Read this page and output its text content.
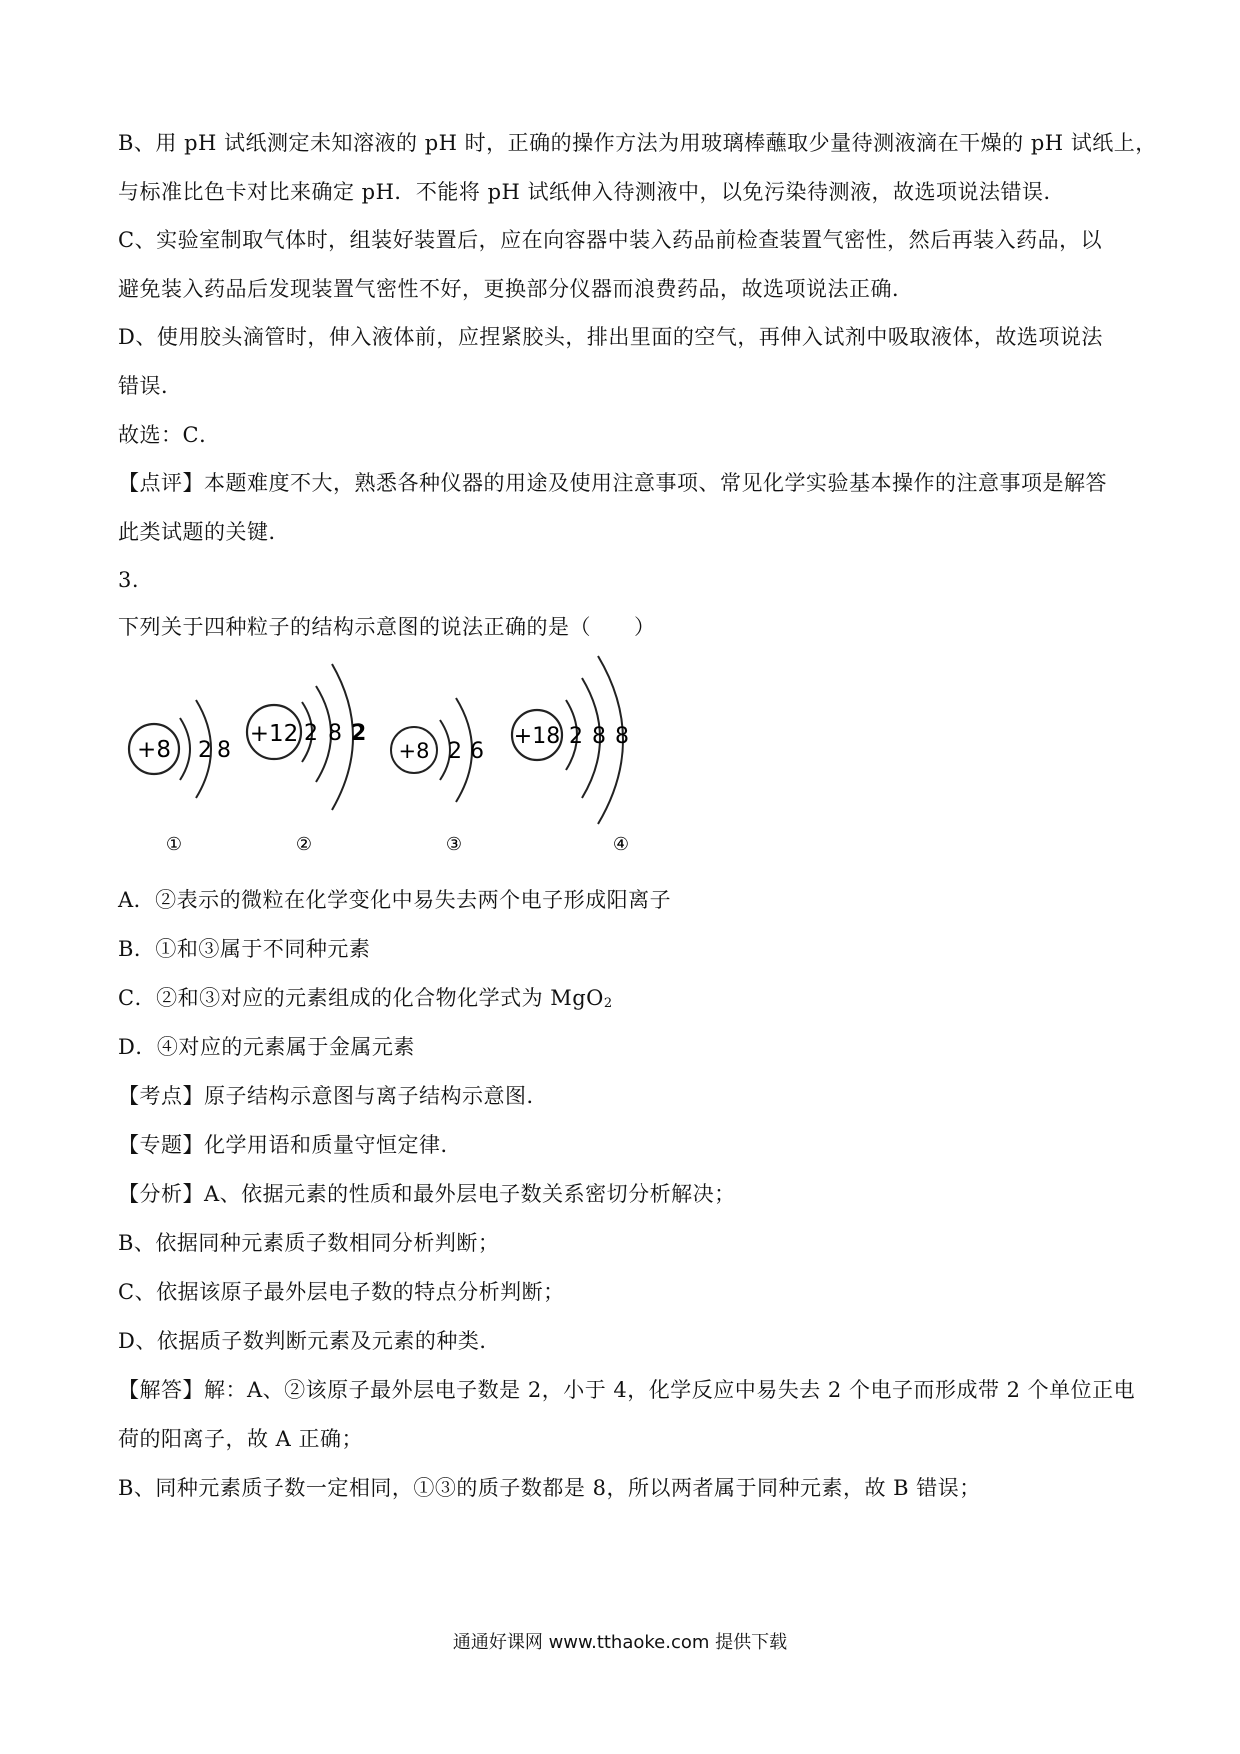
B、用 pH 试纸测定未知溶液的 pH 时，正确的操作方法为用玻璃棒蘸取少量待测液滴在干燥的 pH 试纸上，

与标准比色卡对比来确定 pH．不能将 pH 试纸伸入待测液中，以免污染待测液，故选项说法错误．

C、实验室制取气体时，组装好装置后，应在向容器中装入药品前检查装置气密性，然后再装入药品，以

避免装入药品后发现装置气密性不好，更换部分仪器而浪费药品，故选项说法正确．

D、使用胶头滴管时，伸入液体前，应捏紧胶头，排出里面的空气，再伸入试剂中吸取液体，故选项说法

错误．

故选：C．

【点评】本题难度不大，熟悉各种仪器的用途及使用注意事项、常见化学实验基本操作的注意事项是解答

此类试题的关键．

3.

下列关于四种粒子的结构示意图的说法正确的是（　　）

+8 2 8
①
+12 2 8 2
②
+8 2 6
③
+18 2 8 8
④

A．②表示的微粒在化学变化中易失去两个电子形成阳离子

B．①和③属于不同种元素

C．②和③对应的元素组成的化合物化学式为 MgO2

D．④对应的元素属于金属元素

【考点】原子结构示意图与离子结构示意图．

【专题】化学用语和质量守恒定律．

【分析】A、依据元素的性质和最外层电子数关系密切分析解决；

B、依据同种元素质子数相同分析判断；

C、依据该原子最外层电子数的特点分析判断；

D、依据质子数判断元素及元素的种类．

【解答】解：A、②该原子最外层电子数是 2，小于 4，化学反应中易失去 2 个电子而形成带 2 个单位正电

荷的阳离子，故 A 正确；

B、同种元素质子数一定相同，①③的质子数都是 8，所以两者属于同种元素，故 B 错误；

通通好课网 www.tthaoke.com 提供下载
